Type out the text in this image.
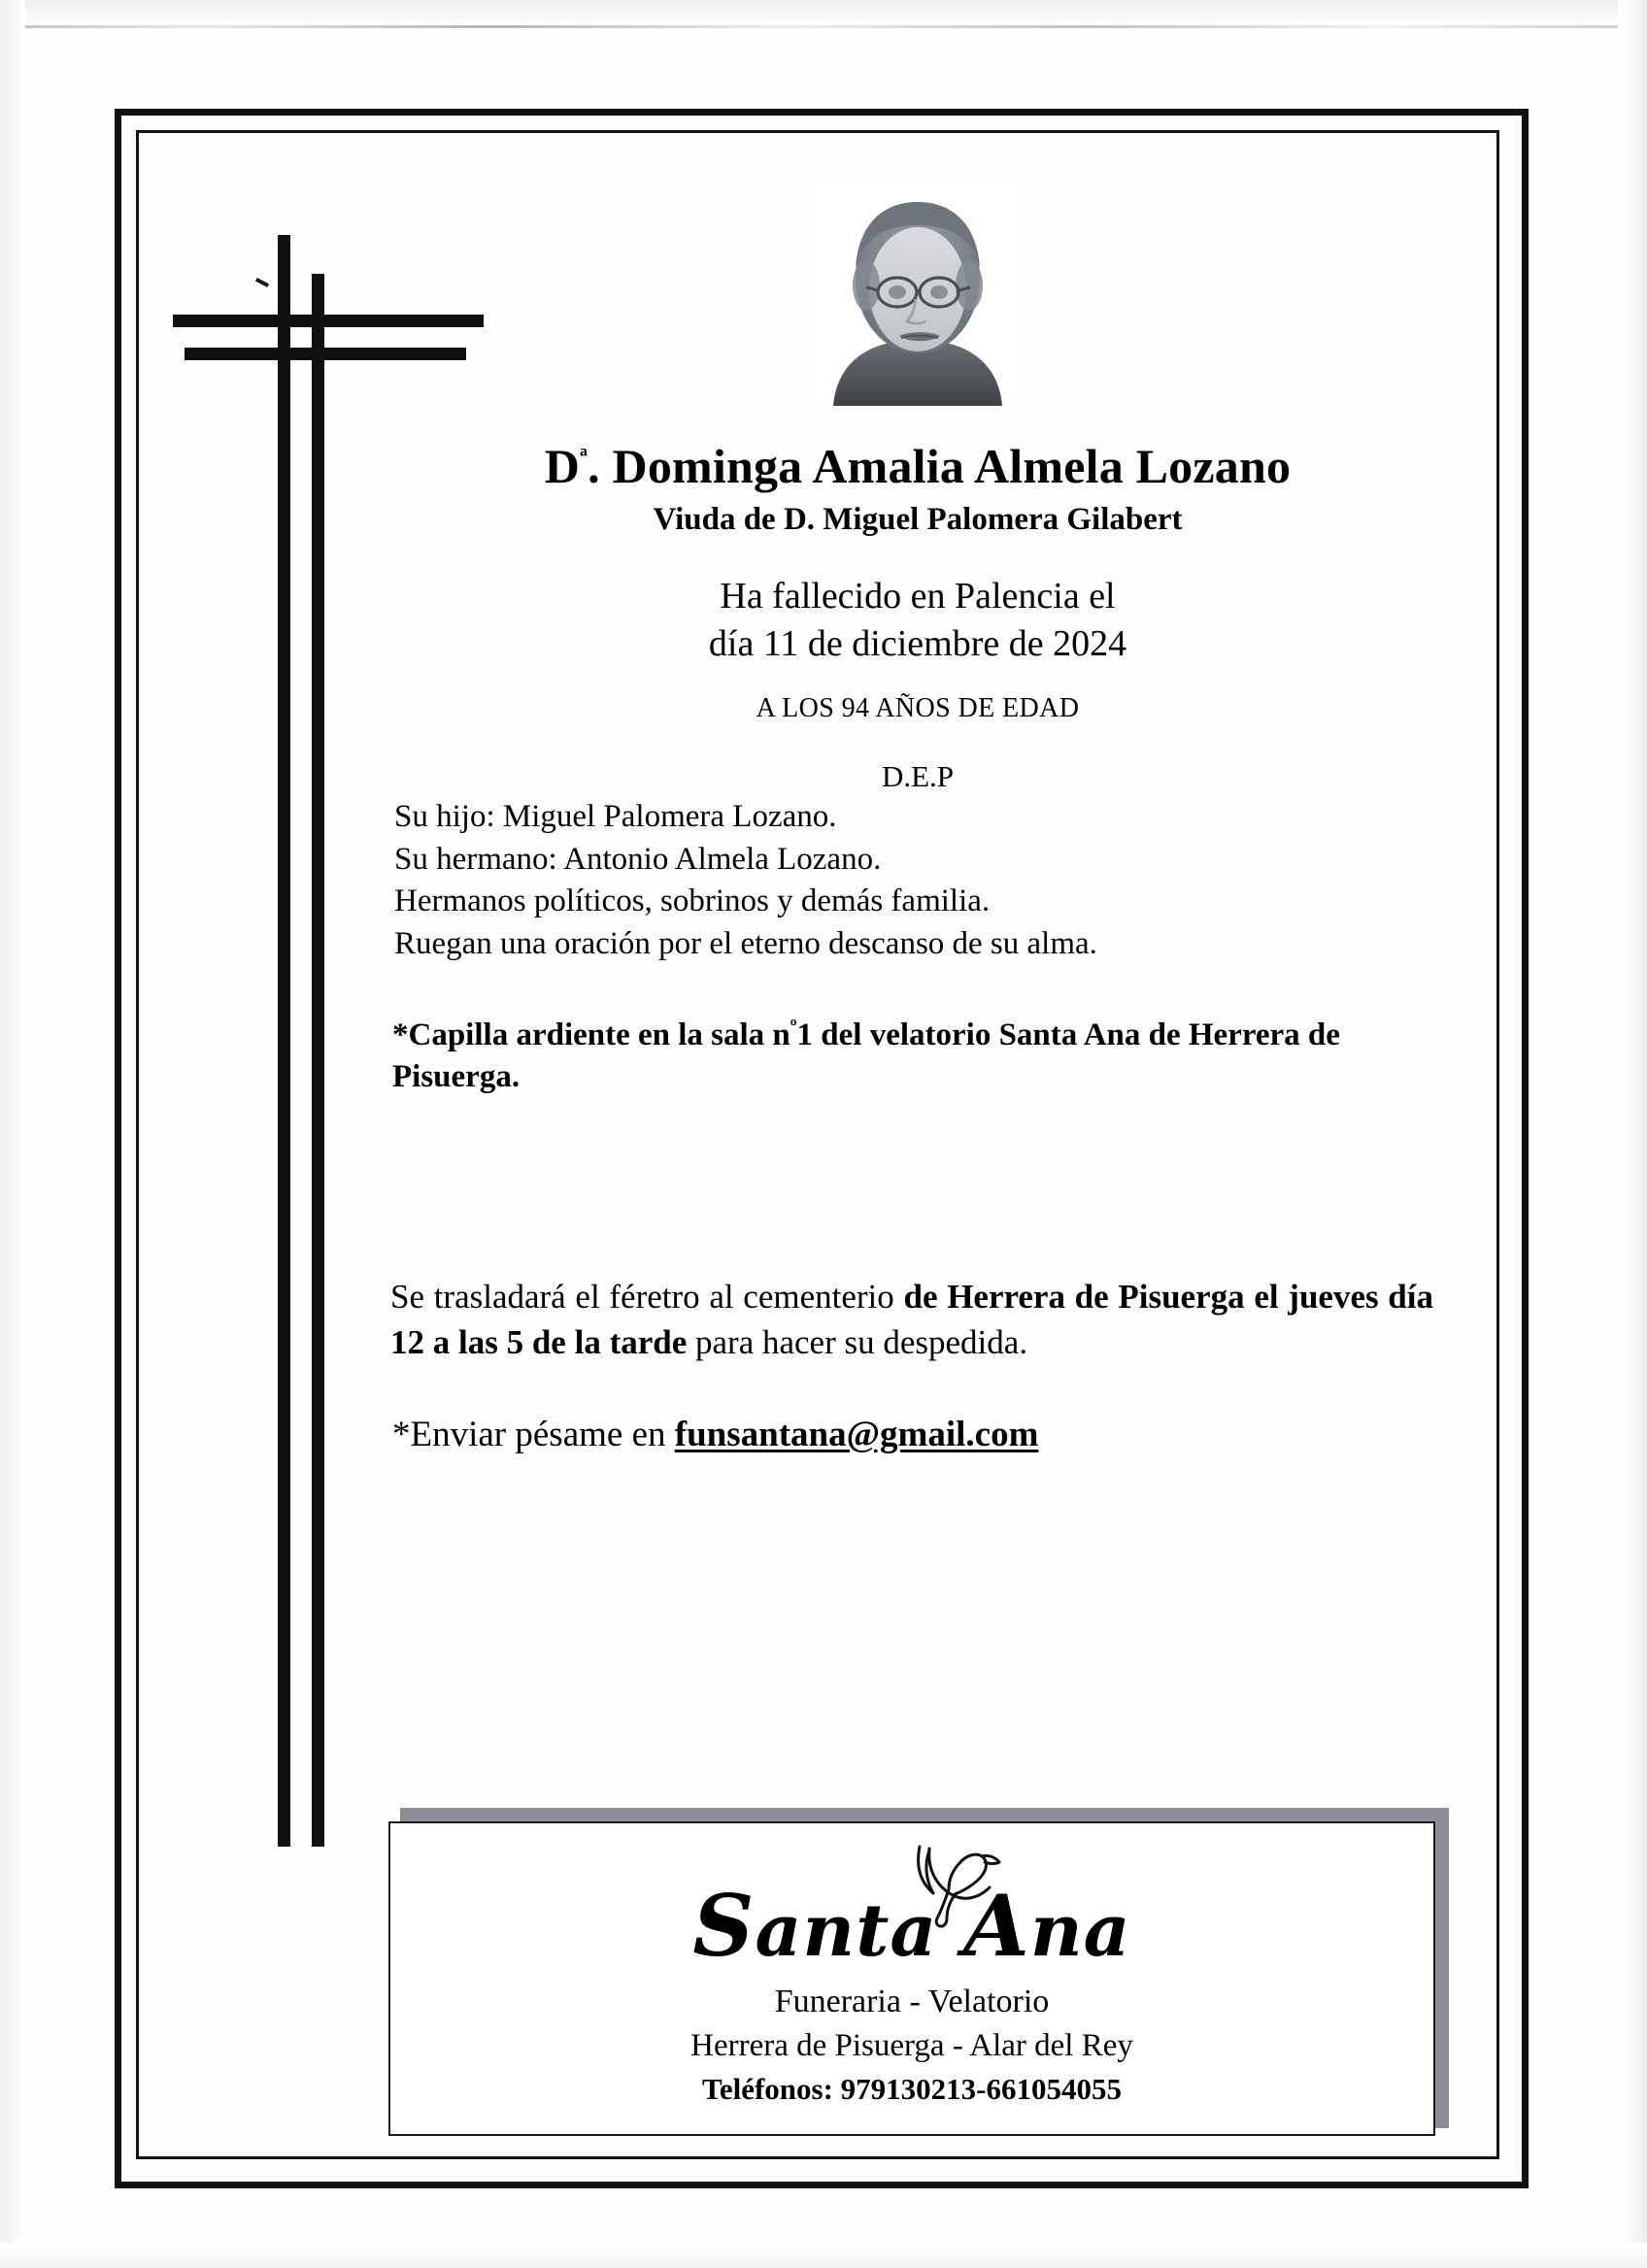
$D^ª$. Dominga Amalia Almela Lozano
Viuda de D. Miguel Palomera Gilabert
Ha fallecido en Palencia el
día 11 de diciembre de 2024
A LOS 94 AÑOS DE EDAD
D.E.P
Su hijo: Miguel Palomera Lozano.
Su hermano: Antonio Almela Lozano.
Hermanos políticos, sobrinos y demás familia.
Ruegan una oración por el eterno descanso de su alma.
*Capilla ardiente en la sala $n^º1$ del velatorio Santa Ana de Herrera de Pisuerga.
Se trasladará el féretro al cementerio de Herrera de Pisuerga el jueves día 12 a las 5 de la tarde para hacer su despedida.
*Enviar pésame en funsantana@gmail.com
Santa Ana
Funeraria - Velatorio
Herrera de Pisuerga - Alar del Rey
Teléfonos: 979130213-661054055
